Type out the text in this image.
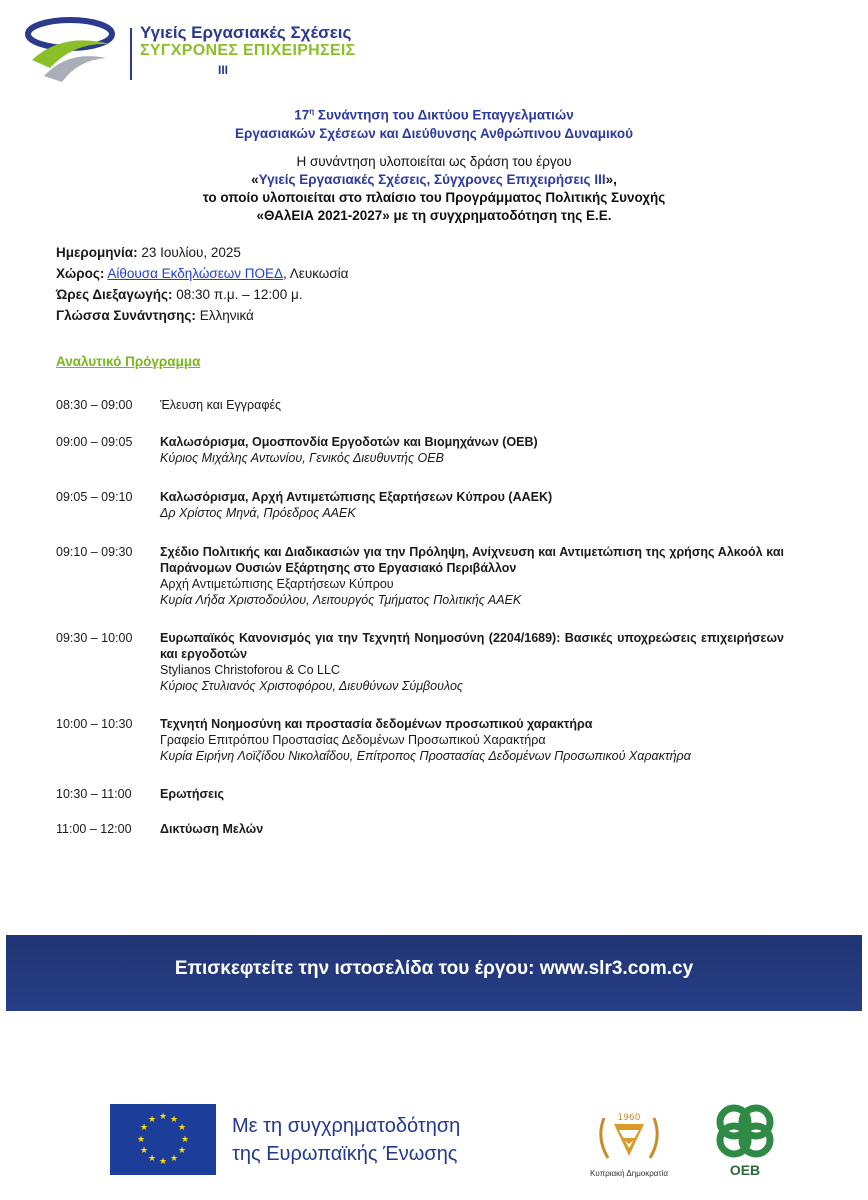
Υγιείς Εργασιακές Σχέσεις
ΣΥΓΧΡΟΝΕΣ ΕΠΙΧΕΙΡΗΣΕΙΣ
III
$17^\eta$ Συνάντηση του Δικτύου Επαγγελματιών
Εργασιακών Σχέσεων και Διεύθυνσης Ανθρώπινου Δυναμικού
Η συνάντηση υλοποιείται ως δράση του έργου
«Υγιείς Εργασιακές Σχέσεις, Σύγχρονες Επιχειρήσεις ΙΙΙ»,
το οποίο υλοποιείται στο πλαίσιο του Προγράμματος Πολιτικής Συνοχής
«ΘΑλΕΙΑ 2021-2027» με τη συγχρηματοδότηση της Ε.Ε.
Ημερομηνία: 23 Ιουλίου, 2025
Χώρος: Αίθουσα Εκδηλώσεων ΠΟΕΔ, Λευκωσία
Ώρες Διεξαγωγής: 08:30 π.μ. – 12:00 μ.
Γλώσσα Συνάντησης: Ελληνικά
Αναλυτικό Πρόγραμμα
08:30 – 09:00	Έλευση και Εγγραφές
09:00 – 09:05	Καλωσόρισμα, Ομοσπονδία Εργοδοτών και Βιομηχάνων (ΟΕΒ)
Κύριος Μιχάλης Αντωνίου, Γενικός Διευθυντής ΟΕΒ
09:05 – 09:10	Καλωσόρισμα, Αρχή Αντιμετώπισης Εξαρτήσεων Κύπρου (ΑΑΕΚ)
Δρ Χρίστος Μηνά, Πρόεδρος ΑΑΕΚ
09:10 – 09:30	Σχέδιο Πολιτικής και Διαδικασιών για την Πρόληψη, Ανίχνευση και Αντιμετώπιση της χρήσης Αλκοόλ και Παράνομων Ουσιών Εξάρτησης στο Εργασιακό Περιβάλλον
Αρχή Αντιμετώπισης Εξαρτήσεων Κύπρου
Κυρία Λήδα Χριστοδούλου, Λειτουργός Τμήματος Πολιτικής ΑΑΕΚ
09:30 – 10:00	Ευρωπαϊκός Κανονισμός για την Τεχνητή Νοημοσύνη (2204/1689): Βασικές υποχρεώσεις επιχειρήσεων και εργοδοτών
Stylianos Christoforou & Co LLC
Κύριος Στυλιανός Χριστοφόρου, Διευθύνων Σύμβουλος
10:00 – 10:30	Τεχνητή Νοημοσύνη και προστασία δεδομένων προσωπικού χαρακτήρα
Γραφείο Επιτρόπου Προστασίας Δεδομένων Προσωπικού Χαρακτήρα
Κυρία Ειρήνη Λοϊζίδου Νικολαΐδου, Επίτροπος Προστασίας Δεδομένων Προσωπικού Χαρακτήρα
10:30 – 11:00	Ερωτήσεις
11:00 – 12:00	Δικτύωση Μελών
Επισκεφτείτε την ιστοσελίδα του έργου: www.slr3.com.cy
★ ★
★
★
★
★
★
★
★
★
★
★	Με τη συγχρηματοδότηση
της Ευρωπαϊκής Ένωσης
1960
Κυπριακή Δημοκρατία	ΟΕΒ
